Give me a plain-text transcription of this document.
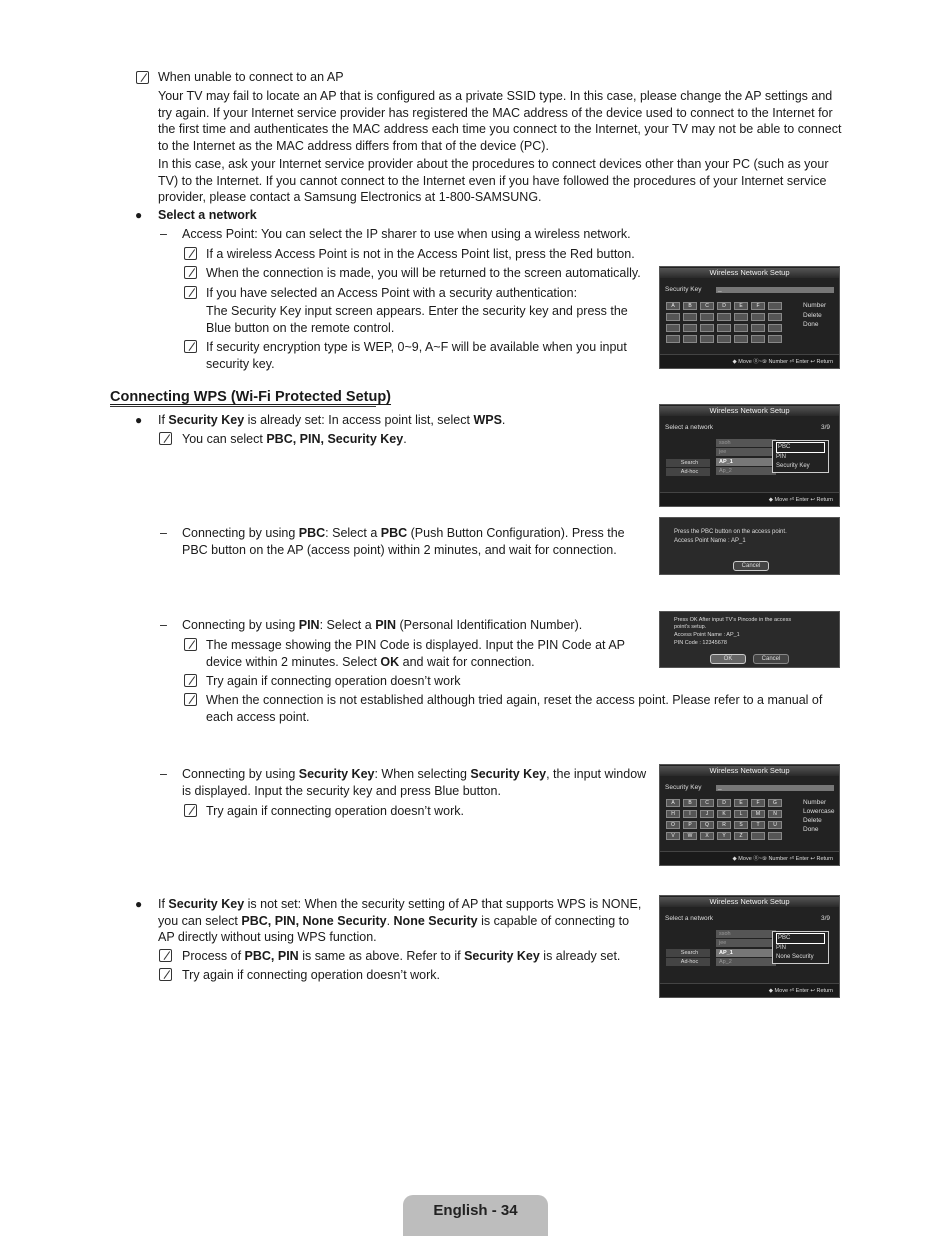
When unable to connect to an AP
Your TV may fail to locate an AP that is configured as a private SSID type. In this case, please change the AP settings and try again. If your Internet service provider has registered the MAC address of the device used to connect to the Internet for the first time and authenticates the MAC address each time you connect to the Internet, your TV may not be able to connect to the Internet as the MAC address differs from that of the device (PC).
In this case, ask your Internet service provider about the procedures to connect devices other than your PC (such as your TV) to the Internet. If you cannot connect to the Internet even if you have followed the procedures of your Internet service provider, please contact a Samsung Electronics at 1-800-SAMSUNG.
● Select a network
– Access Point: You can select the IP sharer to use when using a wireless network.
If a wireless Access Point is not in the Access Point list, press the Red button.
When the connection is made, you will be returned to the screen automatically.
If you have selected an Access Point with a security authentication:
The Security Key input screen appears. Enter the security key and press the Blue button on the remote control.
If security encryption type is WEP, 0~9, A~F will be available when you input security key.
Wireless Network Setup
Security Key	_
A	B	C	D	E	F	Number
Delete
Done
◆ Move ⓪~⑨ Number ⏎ Enter ↩ Return
Connecting WPS (Wi-Fi Protected Setup)
● If Security Key is already set: In access point list, select WPS.
You can select PBC, PIN, Security Key.
Wireless Network Setup
Select a network	3/9
ssoh
jee
AP_1
Ap_2
Search
Ad-hoc
PBC
PIN
Security Key
◆ Move ⏎ Enter ↩ Return
– Connecting by using PBC: Select a PBC (Push Button Configuration). Press the PBC button on the AP (access point) within 2 minutes, and wait for connection.
Press the PBC button on the access point.
Access Point Name : AP_1
Cancel
– Connecting by using PIN: Select a PIN (Personal Identification Number).
The message showing the PIN Code is displayed. Input the PIN Code at AP device within 2 minutes. Select OK and wait for connection.
Try again if connecting operation doesn’t work
When the connection is not established although tried again, reset the access point. Please refer to a manual of each access point.
Press OK After input TV's Pincode in the access
point's setup.
Access Point Name : AP_1
PIN Code : 12345678
OK	Cancel
– Connecting by using Security Key: When selecting Security Key, the input window is displayed. Input the security key and press Blue button.
Try again if connecting operation doesn’t work.
Wireless Network Setup
Security Key	_
A	B	C	D	E	F	G
H	I	J	K	L	M	N
O	P	Q	R	S	T	U
V	W	X	Y	Z
Number
Lowercase
Delete
Done
◆ Move ⓪~⑨ Number ⏎ Enter ↩ Return
● If Security Key is not set: When the security setting of AP that supports WPS is NONE, you can select PBC, PIN, None Security. None Security is capable of connecting to AP directly without using WPS function.
Process of PBC, PIN is same as above. Refer to if Security Key is already set.
Try again if connecting operation doesn’t work.
Wireless Network Setup
Select a network	3/9
ssoh
jee
AP_1
Ap_2
Search
Ad-hoc
PBC
PIN
None Security
◆ Move ⏎ Enter ↩ Return
English - 34
